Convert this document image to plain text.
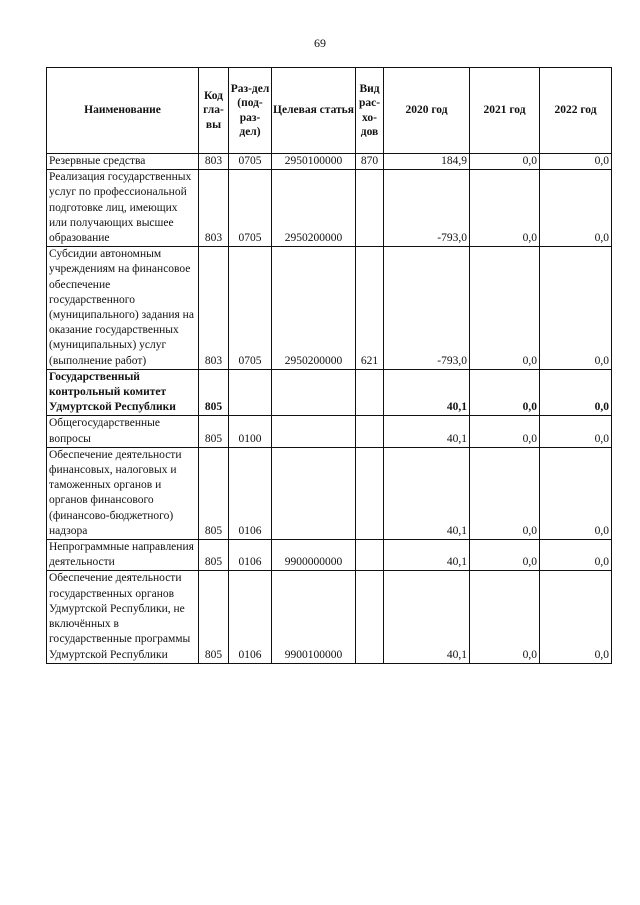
69
Наименование	Код гла-вы	Раз-дел (под-раз-дел)	Целевая статья	Вид рас-хо-дов	2020 год	2021 год	2022 год
Резервные средства	803	0705	2950100000	870	184,9	0,0	0,0
Реализация государственных услуг по профессиональной подготовке лиц, имеющих или получающих высшее образование	803	0705	2950200000		-793,0	0,0	0,0
Субсидии автономным учреждениям на финансовое обеспечение государственного (муниципального) задания на оказание государственных (муниципальных) услуг (выполнение работ)	803	0705	2950200000	621	-793,0	0,0	0,0
Государственный контрольный комитет Удмуртской Республики	805				40,1	0,0	0,0
Общегосударственные вопросы	805	0100			40,1	0,0	0,0
Обеспечение деятельности финансовых, налоговых и таможенных органов и органов финансового (финансово-бюджетного) надзора	805	0106			40,1	0,0	0,0
Непрограммные направления деятельности	805	0106	9900000000		40,1	0,0	0,0
Обеспечение деятельности государственных органов Удмуртской Республики, не включённых в государственные программы Удмуртской Республики	805	0106	9900100000		40,1	0,0	0,0
